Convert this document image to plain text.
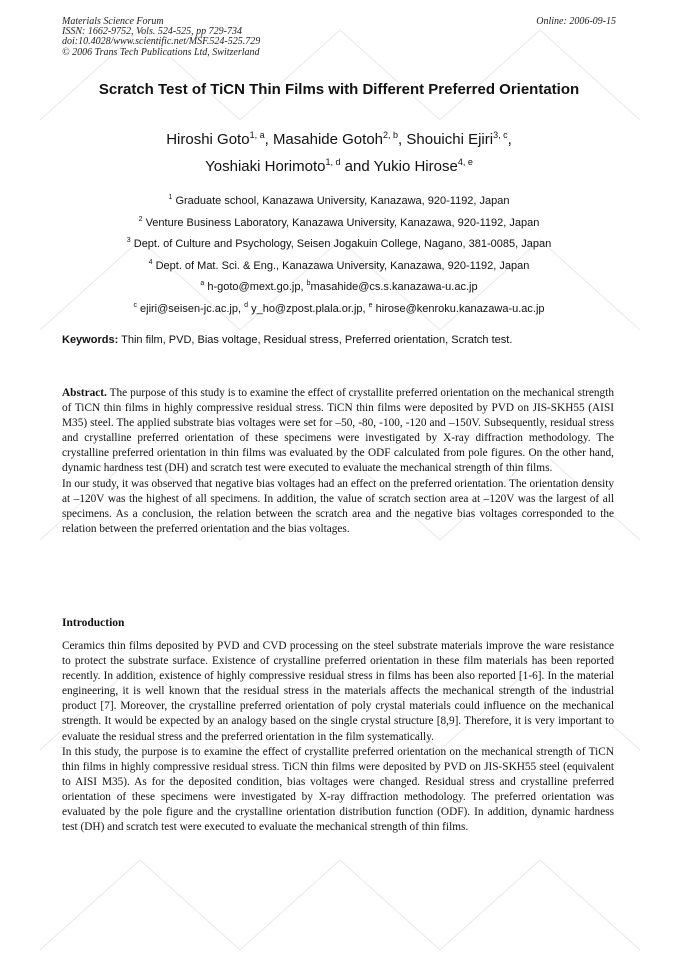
Materials Science Forum
ISSN: 1662-9752, Vols. 524-525, pp 729-734
doi:10.4028/www.scientific.net/MSF.524-525.729
© 2006 Trans Tech Publications Ltd, Switzerland
Online: 2006-09-15
Scratch Test of TiCN Thin Films with Different Preferred Orientation
Hiroshi Goto$^{1, a}$, Masahide Gotoh$^{2, b}$, Shouichi Ejiri$^{3, c}$,
Yoshiaki Horimoto$^{1, d}$ and Yukio Hirose$^{4, e}$
$^1$ Graduate school, Kanazawa University, Kanazawa, 920-1192, Japan
$^2$ Venture Business Laboratory, Kanazawa University, Kanazawa, 920-1192, Japan
$^3$ Dept. of Culture and Psychology, Seisen Jogakuin College, Nagano, 381-0085, Japan
$^4$ Dept. of Mat. Sci. & Eng., Kanazawa University, Kanazawa, 920-1192, Japan
$^a$ h-goto@mext.go.jp, $^b$masahide@cs.s.kanazawa-u.ac.jp
$^c$ ejiri@seisen-jc.ac.jp, $^d$ y_ho@zpost.plala.or.jp, $^e$ hirose@kenroku.kanazawa-u.ac.jp
Keywords: Thin film, PVD, Bias voltage, Residual stress, Preferred orientation, Scratch test.

Abstract. The purpose of this study is to examine the effect of crystallite preferred orientation on the mechanical strength of TiCN thin films in highly compressive residual stress. TiCN thin films were deposited by PVD on JIS-SKH55 (AISI M35) steel. The applied substrate bias voltages were set for –50, -80, -100, -120 and –150V. Subsequently, residual stress and crystalline preferred orientation of these specimens were investigated by X-ray diffraction methodology. The crystalline preferred orientation in thin films was evaluated by the ODF calculated from pole figures. On the other hand, dynamic hardness test (DH) and scratch test were executed to evaluate the mechanical strength of thin films.

In our study, it was observed that negative bias voltages had an effect on the preferred orientation. The orientation density at –120V was the highest of all specimens. In addition, the value of scratch section area at –120V was the largest of all specimens. As a conclusion, the relation between the scratch area and the negative bias voltages corresponded to the relation between the preferred orientation and the bias voltages.

Introduction

Ceramics thin films deposited by PVD and CVD processing on the steel substrate materials improve the ware resistance to protect the substrate surface. Existence of crystalline preferred orientation in these film materials has been reported recently. In addition, existence of highly compressive residual stress in films has been also reported [1-6]. In the material engineering, it is well known that the residual stress in the materials affects the mechanical strength of the industrial product [7]. Moreover, the crystalline preferred orientation of poly crystal materials could influence on the mechanical strength. It would be expected by an analogy based on the single crystal structure [8,9]. Therefore, it is very important to evaluate the residual stress and the preferred orientation in the film systematically.

In this study, the purpose is to examine the effect of crystallite preferred orientation on the mechanical strength of TiCN thin films in highly compressive residual stress. TiCN thin films were deposited by PVD on JIS-SKH55 steel (equivalent to AISI M35). As for the deposited condition, bias voltages were changed. Residual stress and crystalline preferred orientation of these specimens were investigated by X-ray diffraction methodology. The preferred orientation was evaluated by the pole figure and the crystalline orientation distribution function (ODF). In addition, dynamic hardness test (DH) and scratch test were executed to evaluate the mechanical strength of thin films.
